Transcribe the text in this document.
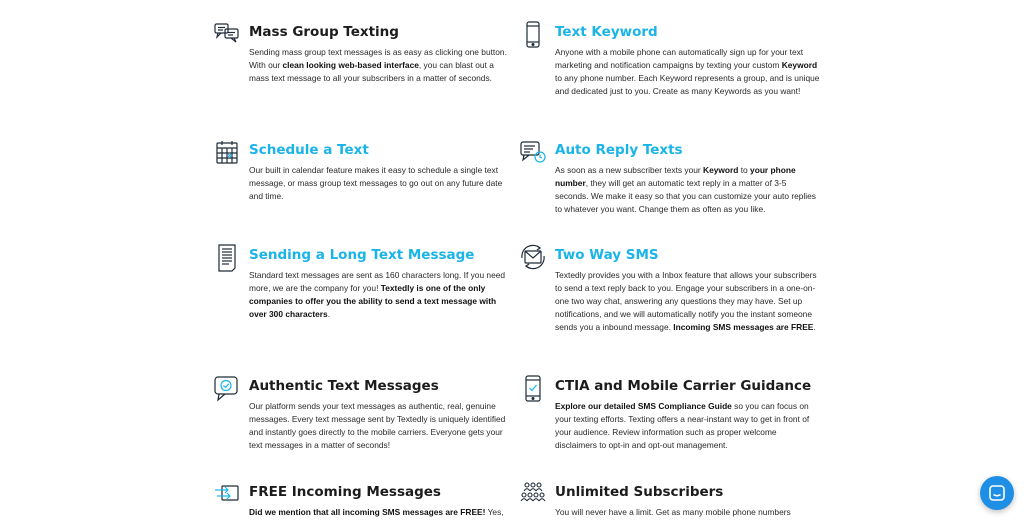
Mass Group Texting
Sending mass group text messages is as easy as clicking one button. With our clean looking web-based interface, you can blast out a mass text message to all your subscribers in a matter of seconds.
Text Keyword
Anyone with a mobile phone can automatically sign up for your text marketing and notification campaigns by texting your custom Keyword to any phone number. Each Keyword represents a group, and is unique and dedicated just to you. Create as many Keywords as you want!
Schedule a Text
Our built in calendar feature makes it easy to schedule a single text message, or mass group text messages to go out on any future date and time.
Auto Reply Texts
As soon as a new subscriber texts your Keyword to your phone number, they will get an automatic text reply in a matter of 3-5 seconds. We make it easy so that you can customize your auto replies to whatever you want. Change them as often as you like.
Sending a Long Text Message
Standard text messages are sent as 160 characters long. If you need more, we are the company for you! Textedly is one of the only companies to offer you the ability to send a text message with over 300 characters.
Two Way SMS
Textedly provides you with a Inbox feature that allows your subscribers to send a text reply back to you. Engage your subscribers in a one-on-one two way chat, answering any questions they may have. Set up notifications, and we will automatically notify you the instant someone sends you a inbound message. Incoming SMS messages are FREE.
Authentic Text Messages
Our platform sends your text messages as authentic, real, genuine messages. Every text message sent by Textedly is uniquely identified and instantly goes directly to the mobile carriers. Everyone gets your text messages in a matter of seconds!
CTIA and Mobile Carrier Guidance
Explore our detailed SMS Compliance Guide so you can focus on your texting efforts. Texting offers a near-instant way to get in front of your audience. Review information such as proper welcome disclaimers to opt-in and opt-out management.
FREE Incoming Messages
Did we mention that all incoming SMS messages are FREE! Yes,
Unlimited Subscribers
You will never have a limit. Get as many mobile phone numbers
